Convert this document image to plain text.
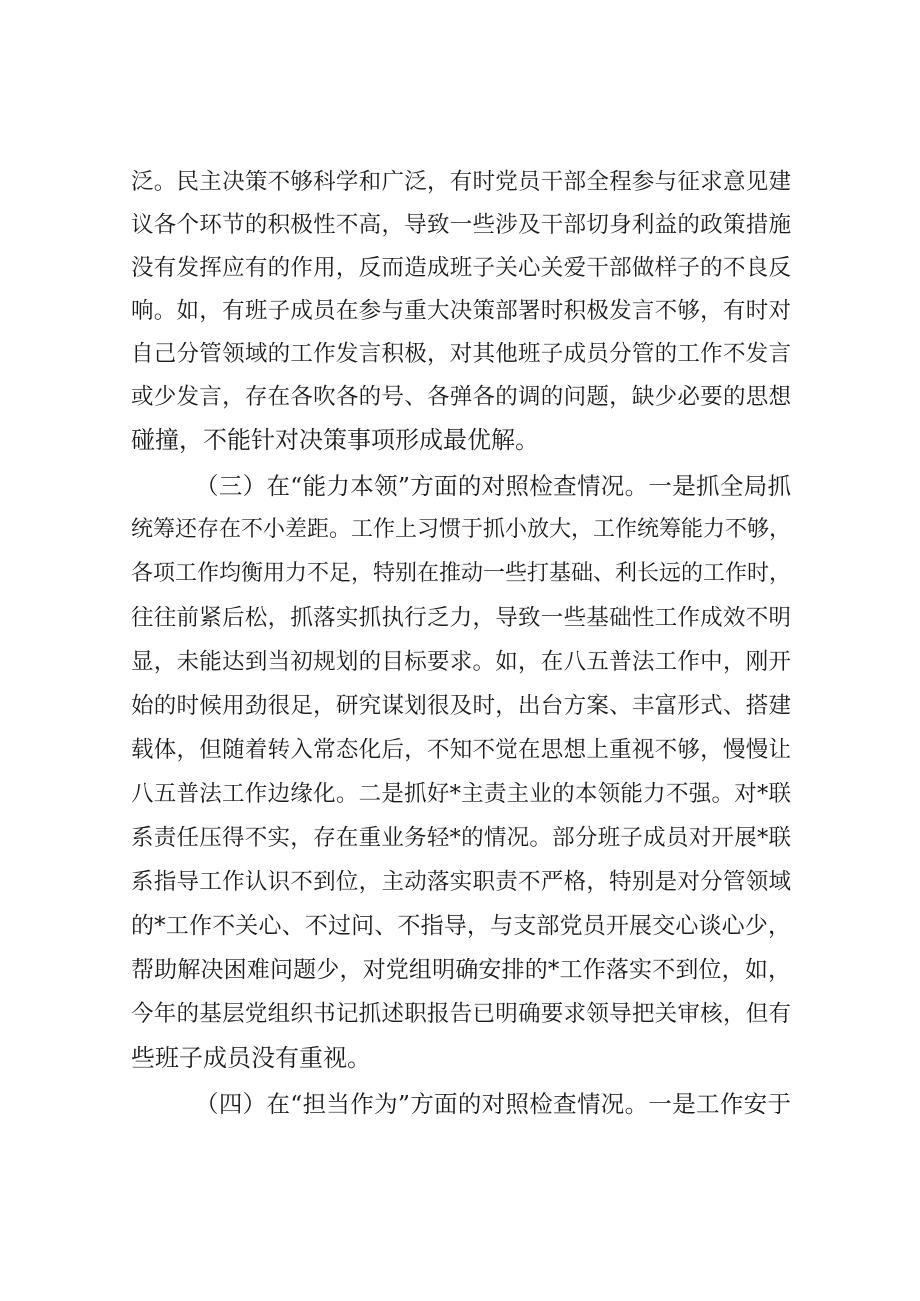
泛。民主决策不够科学和广泛，有时党员干部全程参与征求意见建
议各个环节的积极性不高，导致一些涉及干部切身利益的政策措施
没有发挥应有的作用，反而造成班子关心关爱干部做样子的不良反
响。如，有班子成员在参与重大决策部署时积极发言不够，有时对
自己分管领域的工作发言积极，对其他班子成员分管的工作不发言
或少发言，存在各吹各的号、各弹各的调的问题，缺少必要的思想
碰撞，不能针对决策事项形成最优解。
（三）在“能力本领”方面的对照检查情况。一是抓全局抓
统筹还存在不小差距。工作上习惯于抓小放大，工作统筹能力不够，
各项工作均衡用力不足，特别在推动一些打基础、利长远的工作时，
往往前紧后松，抓落实抓执行乏力，导致一些基础性工作成效不明
显，未能达到当初规划的目标要求。如，在八五普法工作中，刚开
始的时候用劲很足，研究谋划很及时，出台方案、丰富形式、搭建
载体，但随着转入常态化后，不知不觉在思想上重视不够，慢慢让
八五普法工作边缘化。二是抓好*主责主业的本领能力不强。对*联
系责任压得不实，存在重业务轻*的情况。部分班子成员对开展*联
系指导工作认识不到位，主动落实职责不严格，特别是对分管领域
的*工作不关心、不过问、不指导，与支部党员开展交心谈心少，
帮助解决困难问题少，对党组明确安排的*工作落实不到位，如，
今年的基层党组织书记抓述职报告已明确要求领导把关审核，但有
些班子成员没有重视。
（四）在“担当作为”方面的对照检查情况。一是工作安于
